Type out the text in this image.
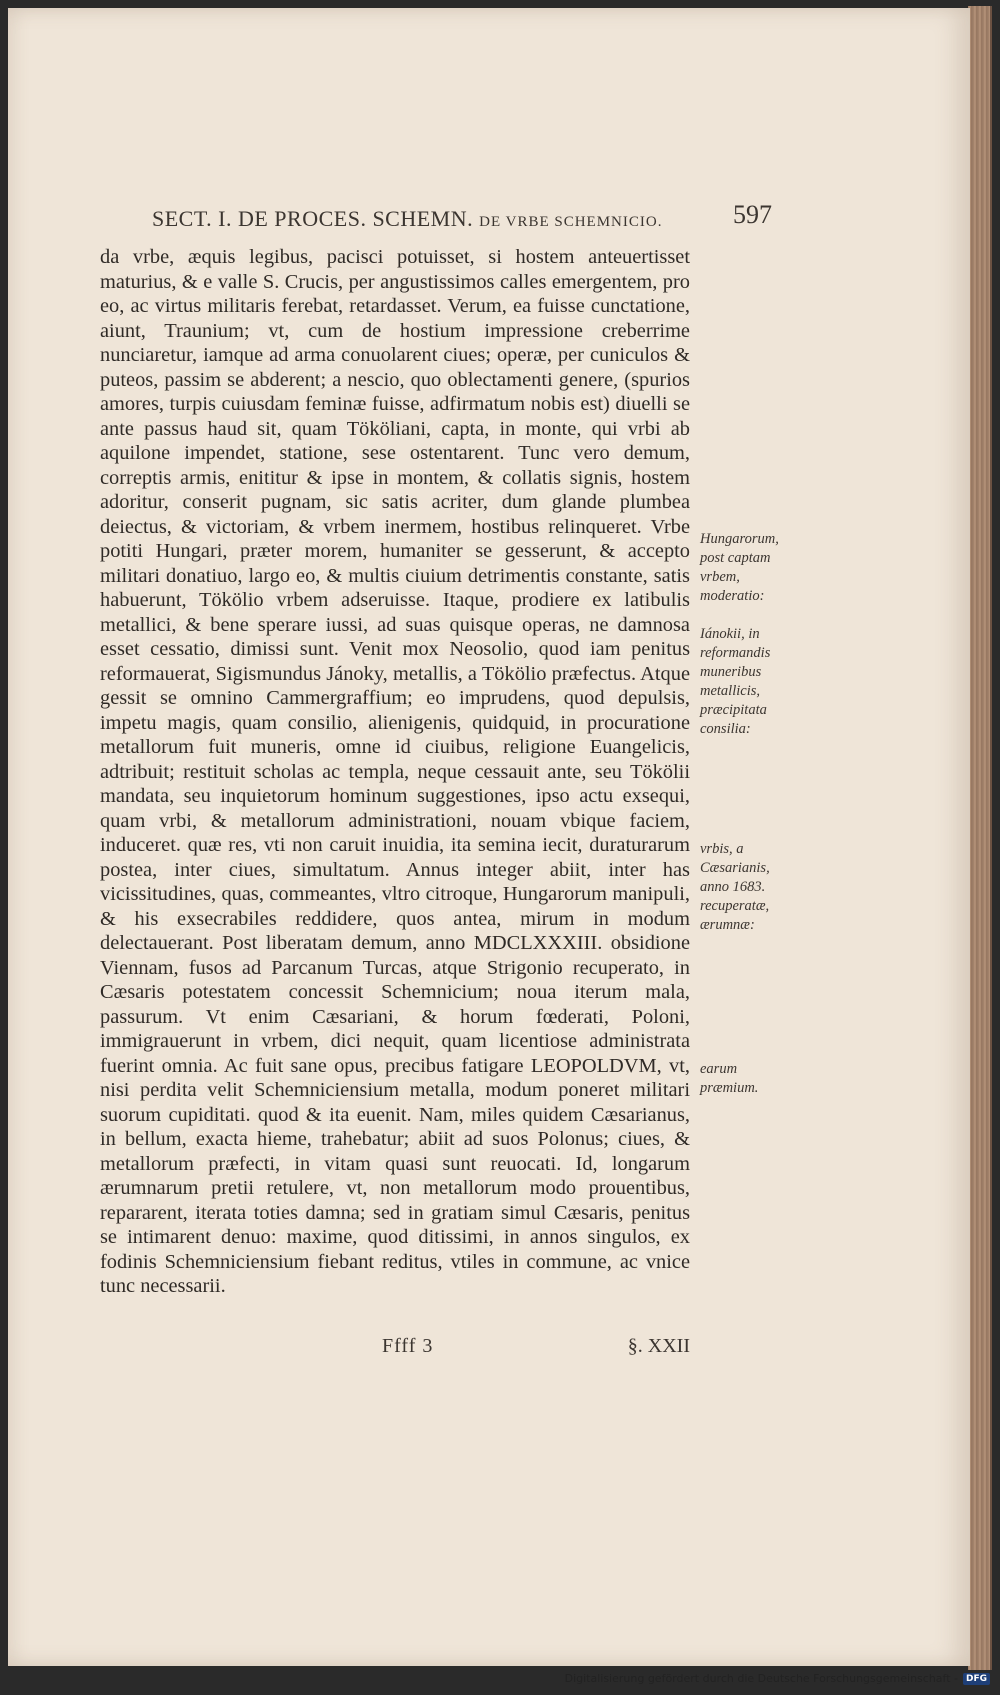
SECT. I. DE PROCES. SCHEMN. DE VRBE SCHEMNICIO.	597

da vrbe, æquis legibus, pacisci potuisset, si hostem anteuertisset maturius, & e valle S. Crucis, per angustissimos calles emergentem, pro eo, ac virtus militaris ferebat, retardasset. Verum, ea fuisse cunctatione, aiunt, Traunium; vt, cum de hostium impressione creberrime nunciaretur, iamque ad arma conuolarent ciues; operæ, per cuniculos & puteos, passim se abderent; a nescio, quo oblectamenti genere, (spurios amores, turpis cuiusdam feminæ fuisse, adfirmatum nobis est) diuelli se ante passus haud sit, quam Tököliani, capta, in monte, qui vrbi ab aquilone impendet, statione, sese ostentarent. Tunc vero demum, correptis armis, enititur & ipse in montem, & collatis signis, hostem adoritur, conserit pugnam, sic satis acriter, dum glande plumbea deiectus, & victoriam, & vrbem inermem, hostibus relinqueret. Vrbe potiti Hungari, præter morem, humaniter se gesserunt, & accepto militari donatiuo, largo eo, & multis ciuium detrimentis constante, satis habuerunt, Tökölio vrbem adseruisse. Itaque, prodiere ex latibulis metallici, & bene sperare iussi, ad suas quisque operas, ne damnosa esset cessatio, dimissi sunt. Venit mox Neosolio, quod iam penitus reformauerat, Sigismundus Jánoky, metallis, a Tökölio præfectus. Atque gessit se omnino Cammergraffium; eo imprudens, quod depulsis, impetu magis, quam consilio, alienigenis, quidquid, in procuratione metallorum fuit muneris, omne id ciuibus, religione Euangelicis, adtribuit; restituit scholas ac templa, neque cessauit ante, seu Tökölii mandata, seu inquietorum hominum suggestiones, ipso actu exsequi, quam vrbi, & metallorum administrationi, nouam vbique faciem, induceret. quæ res, vti non caruit inuidia, ita semina iecit, duraturarum postea, inter ciues, simultatum. Annus integer abiit, inter has vicissitudines, quas, commeantes, vltro citroque, Hungarorum manipuli, & his exsecrabiles reddidere, quos antea, mirum in modum delectauerant. Post liberatam demum, anno MDCLXXXIII. obsidione Viennam, fusos ad Parcanum Turcas, atque Strigonio recuperato, in Cæsaris potestatem concessit Schemnicium; noua iterum mala, passurum. Vt enim Cæsariani, & horum fœderati, Poloni, immigrauerunt in vrbem, dici nequit, quam licentiose administrata fuerint omnia. Ac fuit sane opus, precibus fatigare LEOPOLDVM, vt, nisi perdita velit Schemniciensium metalla, modum poneret militari suorum cupiditati. quod & ita euenit. Nam, miles quidem Cæsarianus, in bellum, exacta hieme, trahebatur; abiit ad suos Polonus; ciues, & metallorum præfecti, in vitam quasi sunt reuocati. Id, longarum ærumnarum pretii retulere, vt, non metallorum modo prouentibus, repararent, iterata toties damna; sed in gratiam simul Cæsaris, penitus se intimarent denuo: maxime, quod ditissimi, in annos singulos, ex fodinis Schemniciensium fiebant reditus, vtiles in commune, ac vnice tunc necessarii.

Hungarorum, post captam vrbem, moderatio:
Iánokii, in reformandis muneribus metallicis, præcipitata consilia:
vrbis, a Cæsarianis, anno 1683. recuperatæ, ærumnæ:
earum præmium.
Ffff 3	§. XXII
Digitalisierung gefördert durch die Deutsche Forschungsgemeinschaft - DFG
